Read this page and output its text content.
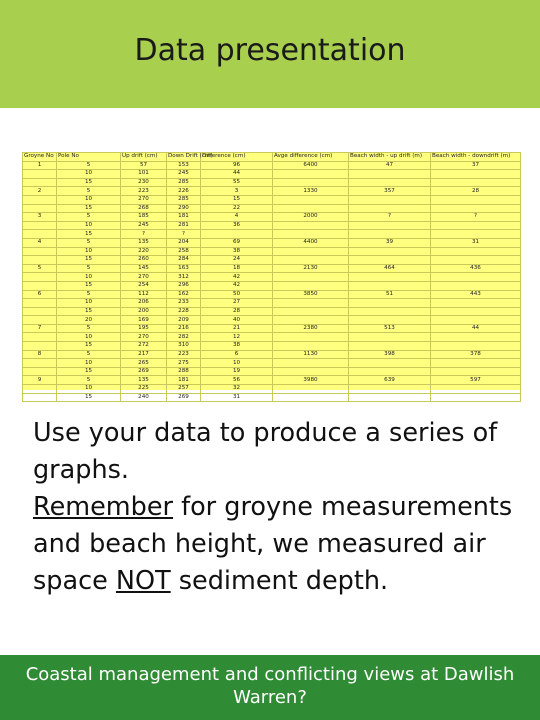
Data presentation
Groyne No	Pole No	Up drift (cm)	Down Drift (cm)	Difference (cm)	Avge difference (cm)	Beach width - up drift (m)	Beach width - downdrift (m)
1	5	57	153	96	6400	47	37
	10	101	245	44			
	15	230	285	55			
2	5	223	226	3	1330	357	28
	10	270	285	15			
	15	268	290	22			
3	5	185	181	4	2000	?	?
	10	245	281	36			
	15	?	?				
4	5	135	204	69	4400	39	31
	10	220	258	38			
	15	260	284	24			
5	5	145	163	18	2130	464	436
	10	270	312	42			
	15	254	296	42			
6	5	112	162	50	3850	51	443
	10	206	233	27			
	15	200	228	28			
	20	169	209	40			
7	5	195	216	21	2380	513	44
	10	270	282	12			
	15	272	310	38			
8	5	217	223	6	1130	398	378
	10	265	275	10			
	15	269	288	19			
9	5	135	181	56	3980	639	597
	10	225	257	32			
	15	240	269	31			
Use your data to produce a series of graphs.
Remember for groyne measurements and beach height, we measured air space NOT sediment depth.
Coastal management and conflicting views at Dawlish Warren?
